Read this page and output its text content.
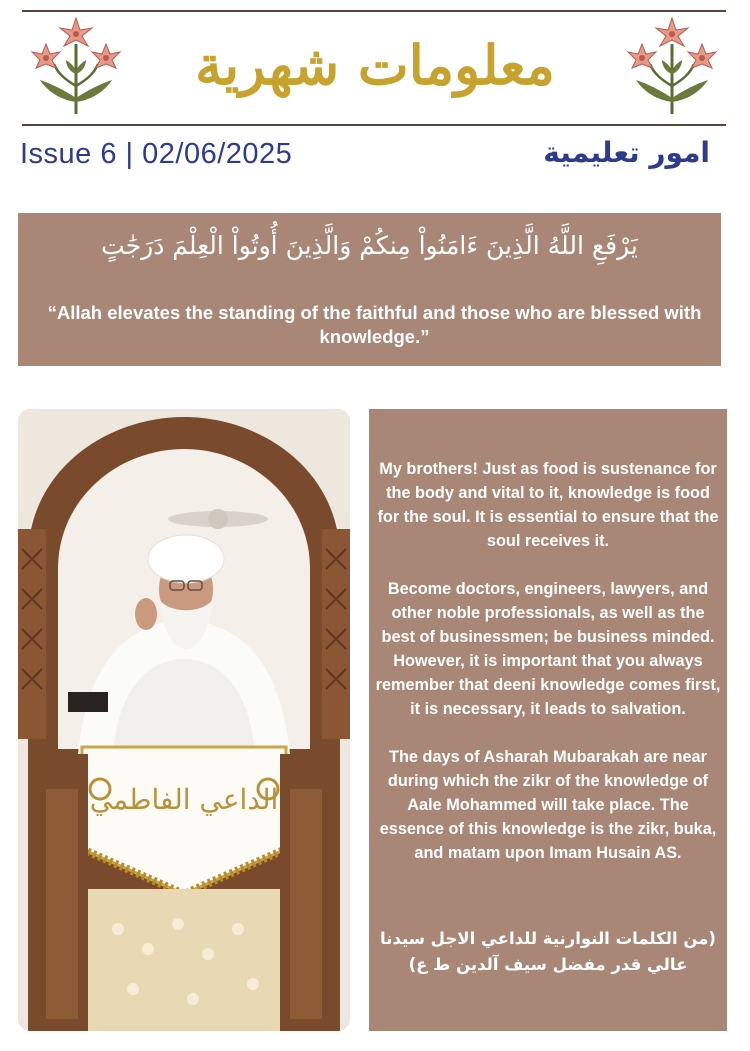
معلومات شهرية
Issue 6 | 02/06/2025	امور تعليمية
يَرْفَعِ اللَّهُ الَّذِينَ ءَامَنُواْ مِنكُمْ وَالَّذِينَ أُوتُواْ الْعِلْمَ دَرَجَٰتٍ
“Allah elevates the standing of the faithful and those who are blessed with knowledge.”
الداعي الفاطمي

My brothers! Just as food is sustenance for the body and vital to it, knowledge is food for the soul. It is essential to ensure that the soul receives it.

Become doctors, engineers, lawyers, and other noble professionals, as well as the best of businessmen; be business minded. However, it is important that you always remember that deeni knowledge comes first, it is necessary, it leads to salvation.

The days of Asharah Mubarakah are near during which the zikr of the knowledge of Aale Mohammed will take place. The essence of this knowledge is the zikr, buka, and matam upon Imam Husain AS.

(من الكلمات النوارنية للداعي الاجل سيدنا عالي قدر مفضل سيف آلدين ط ع)
